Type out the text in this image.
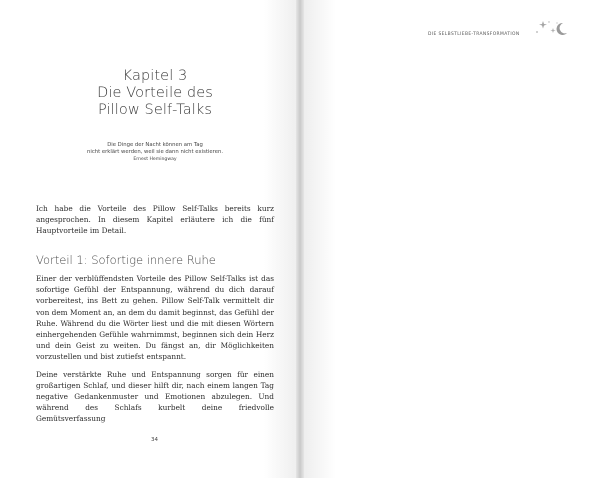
Kapitel 3
Die Vorteile des
Pillow Self-Talks
Die Dinge der Nacht können am Tag
nicht erklärt werden, weil sie dann nicht existieren.
Ernest Hemingway

Ich habe die Vorteile des Pillow Self-Talks bereits kurz angesprochen. In diesem Kapitel erläutere ich die fünf Hauptvorteile im Detail.

Vorteil 1: Sofortige innere Ruhe

Einer der verblüffendsten Vorteile des Pillow Self-Talks ist das sofortige Gefühl der Entspannung, während du dich darauf vorbereitest, ins Bett zu gehen. Pillow Self-Talk vermittelt dir von dem Moment an, an dem du damit beginnst, das Gefühl der Ruhe. Während du die Wörter liest und die mit diesen Wörtern einhergehenden Gefühle wahrnimmst, beginnen sich dein Herz und dein Geist zu weiten. Du fängst an, dir Möglichkeiten vorzustellen und bist zutiefst entspannt.

Deine verstärkte Ruhe und Entspannung sorgen für einen großartigen Schlaf, und dieser hilft dir, nach einem langen Tag negative Gedankenmuster und Emotionen abzulegen. Und während des Schlafs kurbelt deine friedvolle Gemütsverfassung

34

DIE SELBSTLIEBE-TRANSFORMATION
